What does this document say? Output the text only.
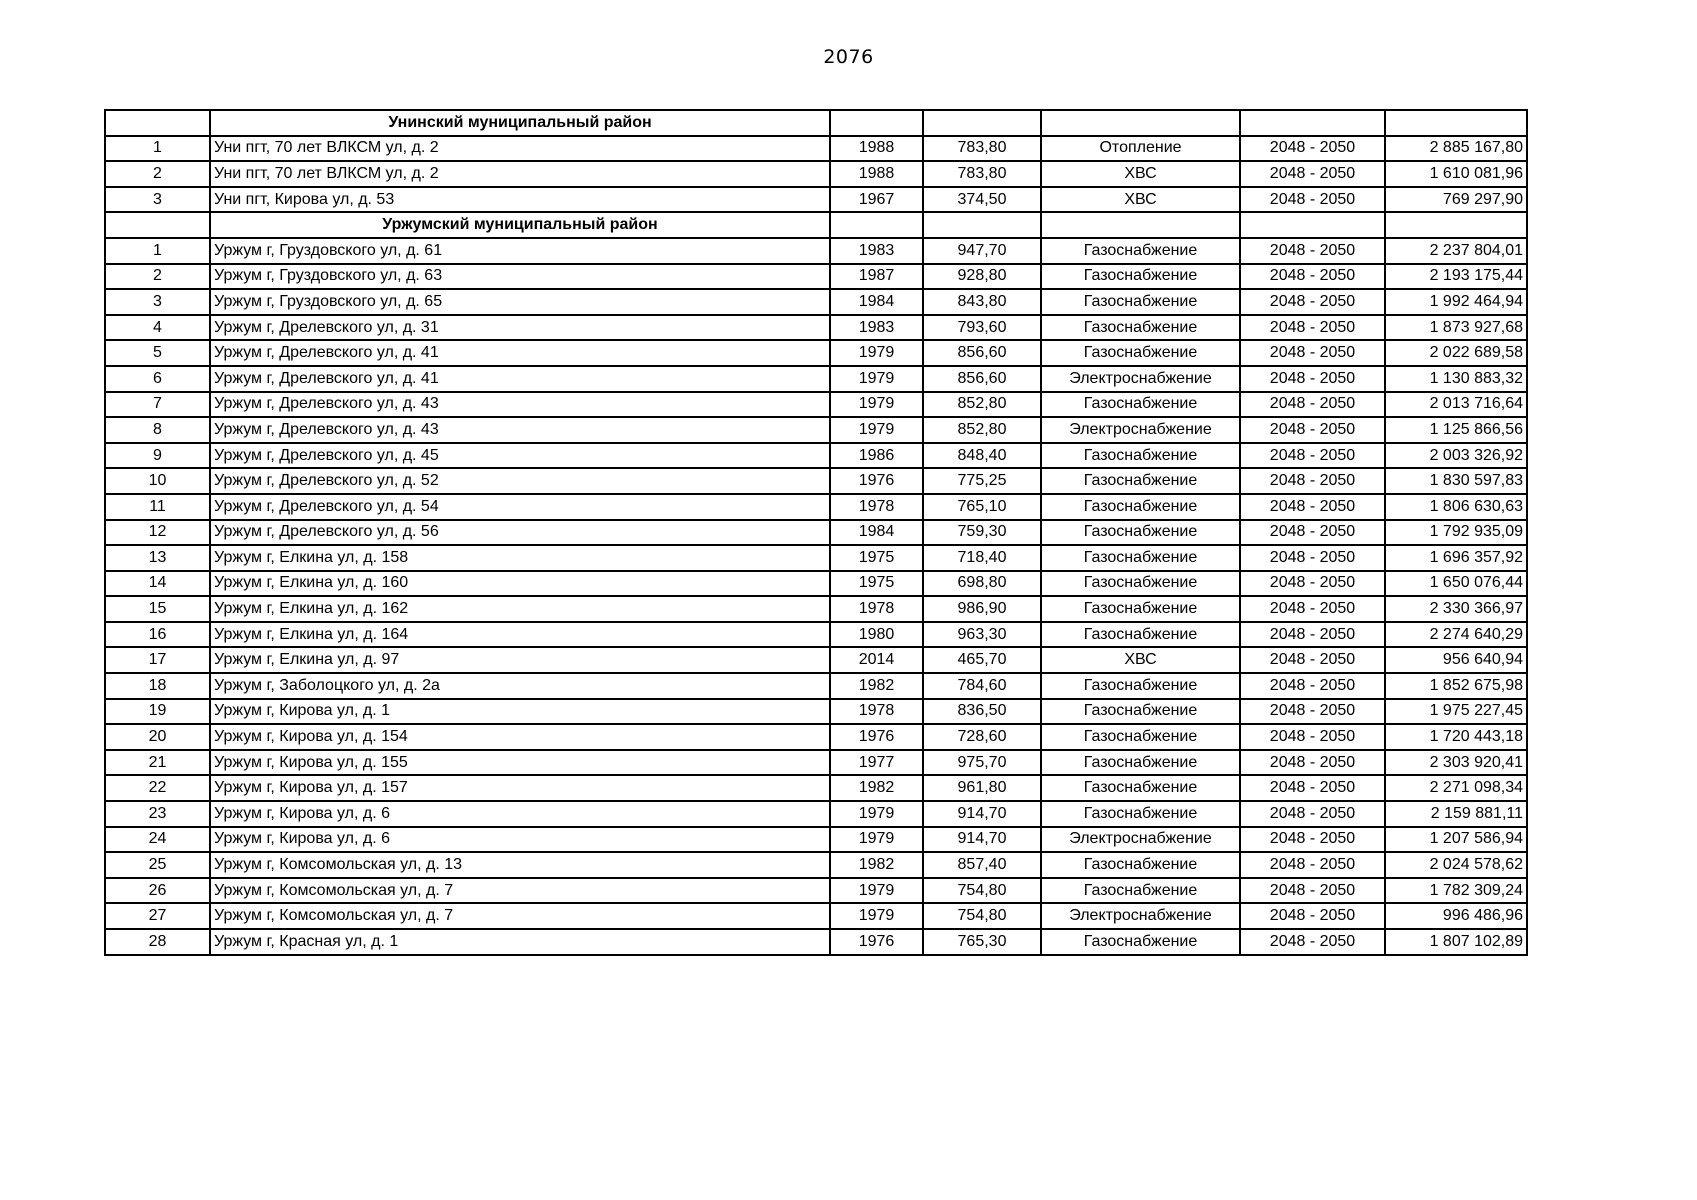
2076
	Унинский муниципальный район					
1	Уни пгт, 70 лет ВЛКСМ ул, д. 2	1988	783,80	Отопление	2048 - 2050	2 885 167,80
2	Уни пгт, 70 лет ВЛКСМ ул, д. 2	1988	783,80	ХВС	2048 - 2050	1 610 081,96
3	Уни пгт, Кирова ул, д. 53	1967	374,50	ХВС	2048 - 2050	769 297,90
	Уржумский муниципальный район					
1	Уржум г, Груздовского ул, д. 61	1983	947,70	Газоснабжение	2048 - 2050	2 237 804,01
2	Уржум г, Груздовского ул, д. 63	1987	928,80	Газоснабжение	2048 - 2050	2 193 175,44
3	Уржум г, Груздовского ул, д. 65	1984	843,80	Газоснабжение	2048 - 2050	1 992 464,94
4	Уржум г, Дрелевского ул, д. 31	1983	793,60	Газоснабжение	2048 - 2050	1 873 927,68
5	Уржум г, Дрелевского ул, д. 41	1979	856,60	Газоснабжение	2048 - 2050	2 022 689,58
6	Уржум г, Дрелевского ул, д. 41	1979	856,60	Электроснабжение	2048 - 2050	1 130 883,32
7	Уржум г, Дрелевского ул, д. 43	1979	852,80	Газоснабжение	2048 - 2050	2 013 716,64
8	Уржум г, Дрелевского ул, д. 43	1979	852,80	Электроснабжение	2048 - 2050	1 125 866,56
9	Уржум г, Дрелевского ул, д. 45	1986	848,40	Газоснабжение	2048 - 2050	2 003 326,92
10	Уржум г, Дрелевского ул, д. 52	1976	775,25	Газоснабжение	2048 - 2050	1 830 597,83
11	Уржум г, Дрелевского ул, д. 54	1978	765,10	Газоснабжение	2048 - 2050	1 806 630,63
12	Уржум г, Дрелевского ул, д. 56	1984	759,30	Газоснабжение	2048 - 2050	1 792 935,09
13	Уржум г, Елкина ул, д. 158	1975	718,40	Газоснабжение	2048 - 2050	1 696 357,92
14	Уржум г, Елкина ул, д. 160	1975	698,80	Газоснабжение	2048 - 2050	1 650 076,44
15	Уржум г, Елкина ул, д. 162	1978	986,90	Газоснабжение	2048 - 2050	2 330 366,97
16	Уржум г, Елкина ул, д. 164	1980	963,30	Газоснабжение	2048 - 2050	2 274 640,29
17	Уржум г, Елкина ул, д. 97	2014	465,70	ХВС	2048 - 2050	956 640,94
18	Уржум г, Заболоцкого ул, д. 2а	1982	784,60	Газоснабжение	2048 - 2050	1 852 675,98
19	Уржум г, Кирова ул, д. 1	1978	836,50	Газоснабжение	2048 - 2050	1 975 227,45
20	Уржум г, Кирова ул, д. 154	1976	728,60	Газоснабжение	2048 - 2050	1 720 443,18
21	Уржум г, Кирова ул, д. 155	1977	975,70	Газоснабжение	2048 - 2050	2 303 920,41
22	Уржум г, Кирова ул, д. 157	1982	961,80	Газоснабжение	2048 - 2050	2 271 098,34
23	Уржум г, Кирова ул, д. 6	1979	914,70	Газоснабжение	2048 - 2050	2 159 881,11
24	Уржум г, Кирова ул, д. 6	1979	914,70	Электроснабжение	2048 - 2050	1 207 586,94
25	Уржум г, Комсомольская ул, д. 13	1982	857,40	Газоснабжение	2048 - 2050	2 024 578,62
26	Уржум г, Комсомольская ул, д. 7	1979	754,80	Газоснабжение	2048 - 2050	1 782 309,24
27	Уржум г, Комсомольская ул, д. 7	1979	754,80	Электроснабжение	2048 - 2050	996 486,96
28	Уржум г, Красная ул, д. 1	1976	765,30	Газоснабжение	2048 - 2050	1 807 102,89
